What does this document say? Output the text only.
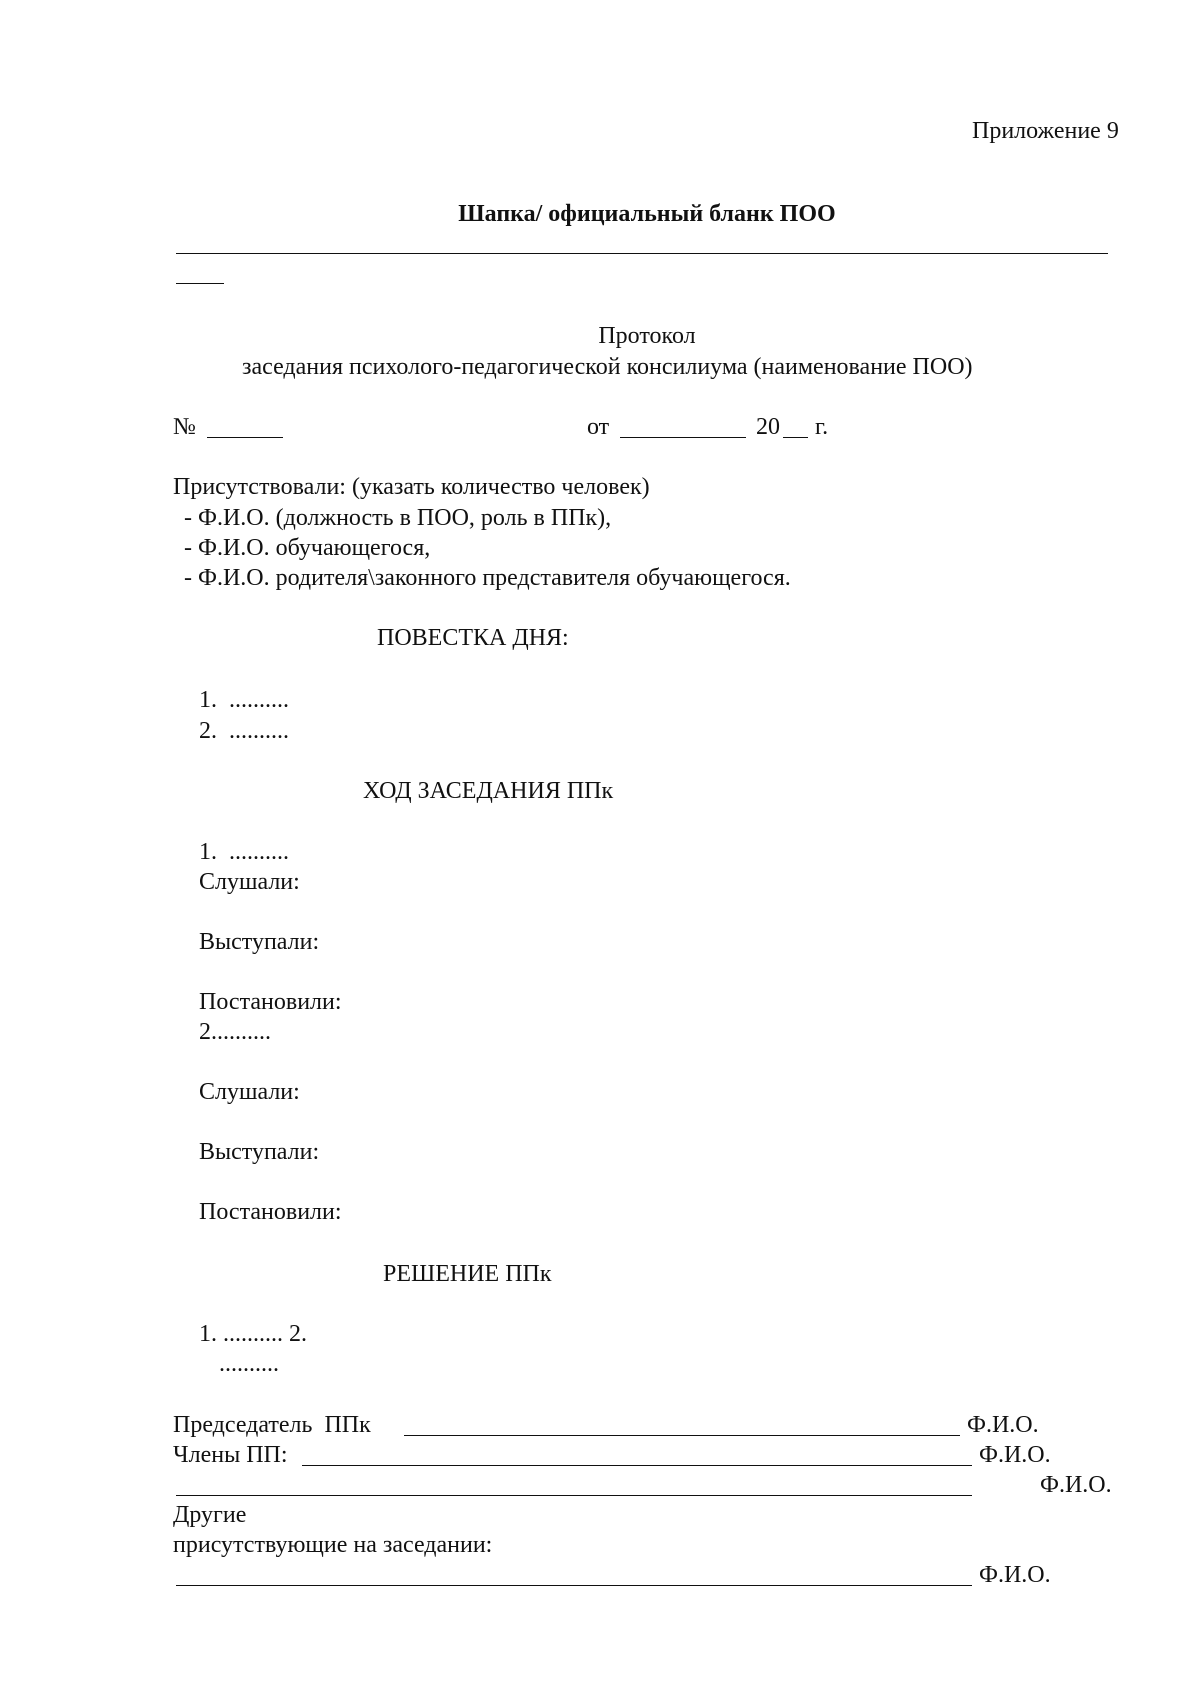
Приложение 9
Шапка/ официальный бланк ПОО
Протокол
заседания психолого-педагогической консилиума (наименование ПОО)
№	от	20 г.
Присутствовали: (указать количество человек)
- Ф.И.О. (должность в ПОО, роль в ППк),
- Ф.И.О. обучающегося,
- Ф.И.О. родителя\законного представителя обучающегося.
ПОВЕСТКА ДНЯ:
1.  ..........
2.  ..........
ХОД ЗАСЕДАНИЯ ППк
1.  ..........
Слушали:
Выступали:
Постановили:
2..........
Слушали:
Выступали:
Постановили:
РЕШЕНИЕ ППк
1. .......... 2.
..........
Председатель  ППк	Ф.И.О.
Члены ПП:	Ф.И.О.
Ф.И.О.
Другие
присутствующие на заседании:
Ф.И.О.
